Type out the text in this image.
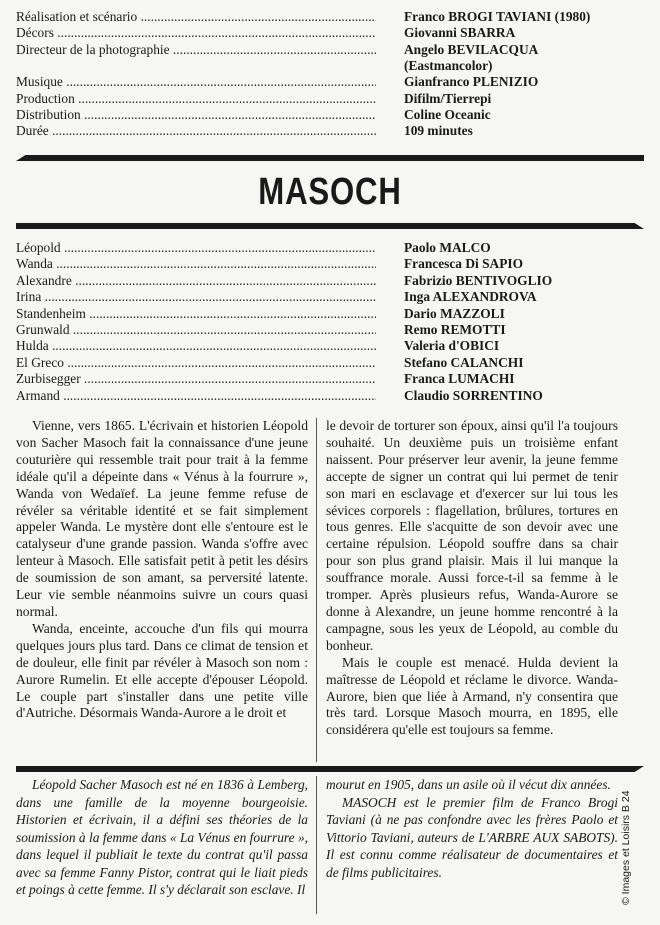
Réalisation et scénario .....	Franco BROGI TAVIANI (1980)
Décors .....	Giovanni SBARRA
Directeur de la photographie .....	Angelo BEVILACQUA
(Eastmancolor)
Musique .....	Gianfranco PLENIZIO
Production .....	Difilm/Tierrepi
Distribution .....	Coline Oceanic
Durée .....	109 minutes
MASOCH
Léopold .....	Paolo MALCO
Wanda .....	Francesca Di SAPIO
Alexandre .....	Fabrizio BENTIVOGLIO
Irina .....	Inga ALEXANDROVA
Standenheim .....	Dario MAZZOLI
Grunwald .....	Remo REMOTTI
Hulda .....	Valeria d'OBICI
El Greco .....	Stefano CALANCHI
Zurbisegger .....	Franca LUMACHI
Armand .....	Claudio SORRENTINO

Vienne, vers 1865. L'écrivain et historien Léopold von Sacher Masoch fait la connaissance d'une jeune couturière qui ressemble trait pour trait à la femme idéale qu'il a dépeinte dans « Vénus à la fourrure », Wanda von Wedaïef. La jeune femme refuse de révéler sa véritable identité et se fait simplement appeler Wanda. Le mystère dont elle s'entoure est le catalyseur d'une grande passion. Wanda s'offre avec lenteur à Masoch. Elle satisfait petit à petit les désirs de soumission de son amant, sa perversité latente. Leur vie semble néanmoins suivre un cours quasi normal.

Wanda, enceinte, accouche d'un fils qui mourra quelques jours plus tard. Dans ce climat de tension et de douleur, elle finit par révéler à Masoch son nom : Aurore Rumelin. Et elle accepte d'épouser Léopold. Le couple part s'installer dans une petite ville d'Autriche. Désormais Wanda-Aurore a le droit et

le devoir de torturer son époux, ainsi qu'il l'a toujours souhaité. Un deuxième puis un troisième enfant naissent. Pour préserver leur avenir, la jeune femme accepte de signer un contrat qui lui permet de tenir son mari en esclavage et d'exercer sur lui tous les sévices corporels : flagellation, brûlures, tortures en tous genres. Elle s'acquitte de son devoir avec une certaine répulsion. Léopold souffre dans sa chair pour son plus grand plaisir. Mais il lui manque la souffrance morale. Aussi force-t-il sa femme à le tromper. Après plusieurs refus, Wanda-Aurore se donne à Alexandre, un jeune homme rencontré à la campagne, sous les yeux de Léopold, au comble du bonheur.

Mais le couple est menacé. Hulda devient la maîtresse de Léopold et réclame le divorce. Wanda-Aurore, bien que liée à Armand, n'y consentira que très tard. Lorsque Masoch mourra, en 1895, elle considérera qu'elle est toujours sa femme.

Léopold Sacher Masoch est né en 1836 à Lemberg, dans une famille de la moyenne bourgeoisie. Historien et écrivain, il a défini ses théories de la soumission à la femme dans « La Vénus en fourrure », dans lequel il publiait le texte du contrat qu'il passa avec sa femme Fanny Pistor, contrat qui le liait pieds et poings à cette femme. Il s'y déclarait son esclave. Il

mourut en 1905, dans un asile où il vécut dix années.

MASOCH est le premier film de Franco Brogi Taviani (à ne pas confondre avec les frères Paolo et Vittorio Taviani, auteurs de L'ARBRE AUX SABOTS). Il est connu comme réalisateur de documentaires et de films publicitaires.	© Images et Loisirs B 24
